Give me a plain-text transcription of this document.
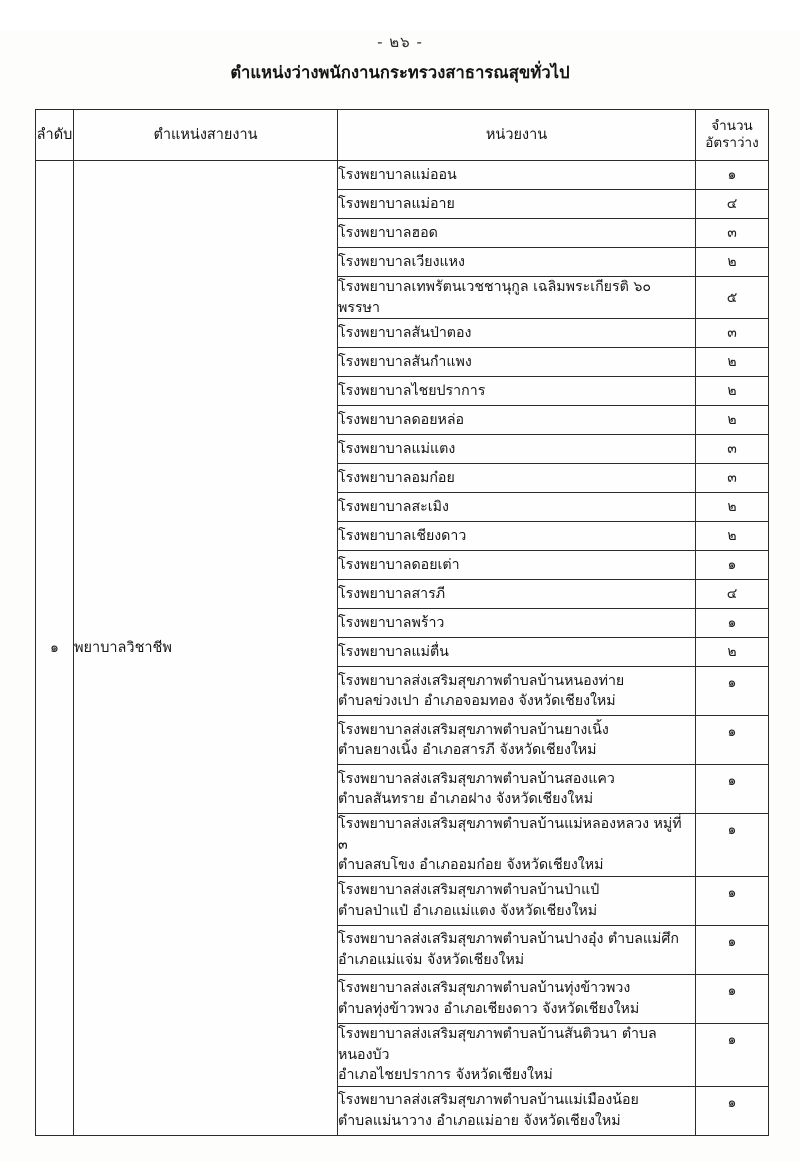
- ๒๖ -
ตำแหน่งว่างพนักงานกระทรวงสาธารณสุขทั่วไป
ลำดับ	ตำแหน่งสายงาน	หน่วยงาน	จำนวน
อัตราว่าง
๑	พยาบาลวิชาชีพ	โรงพยาบาลแม่ออน	๑
		โรงพยาบาลแม่อาย	๔
		โรงพยาบาลฮอด	๓
		โรงพยาบาลเวียงแหง	๒
		โรงพยาบาลเทพรัตนเวชชานุกูล เฉลิมพระเกียรติ ๖๐ พรรษา	๕
		โรงพยาบาลสันป่าตอง	๓
		โรงพยาบาลสันกำแพง	๒
		โรงพยาบาลไชยปราการ	๒
		โรงพยาบาลดอยหล่อ	๒
		โรงพยาบาลแม่แตง	๓
		โรงพยาบาลอมก๋อย	๓
		โรงพยาบาลสะเมิง	๒
		โรงพยาบาลเชียงดาว	๒
		โรงพยาบาลดอยเต่า	๑
		โรงพยาบาลสารภี	๔
		โรงพยาบาลพร้าว	๑
		โรงพยาบาลแม่ตื่น	๒
		โรงพยาบาลส่งเสริมสุขภาพตำบลบ้านหนองท่าย
ตำบลข่วงเปา อำเภอจอมทอง จังหวัดเชียงใหม่	๑
		โรงพยาบาลส่งเสริมสุขภาพตำบลบ้านยางเนิ้ง
ตำบลยางเนิ้ง อำเภอสารภี จังหวัดเชียงใหม่	๑
		โรงพยาบาลส่งเสริมสุขภาพตำบลบ้านสองแคว
ตำบลสันทราย อำเภอฝาง จังหวัดเชียงใหม่	๑
		โรงพยาบาลส่งเสริมสุขภาพตำบลบ้านแม่หลองหลวง หมู่ที่ ๓
ตำบลสบโขง อำเภออมก๋อย จังหวัดเชียงใหม่	๑
		โรงพยาบาลส่งเสริมสุขภาพตำบลบ้านป่าแป๋
ตำบลป่าแป๋ อำเภอแม่แตง จังหวัดเชียงใหม่	๑
		โรงพยาบาลส่งเสริมสุขภาพตำบลบ้านปางอุ๋ง ตำบลแม่ศึก
อำเภอแม่แจ่ม จังหวัดเชียงใหม่	๑
		โรงพยาบาลส่งเสริมสุขภาพตำบลบ้านทุ่งข้าวพวง
ตำบลทุ่งข้าวพวง อำเภอเชียงดาว จังหวัดเชียงใหม่	๑
		โรงพยาบาลส่งเสริมสุขภาพตำบลบ้านสันติวนา ตำบลหนองบัว
อำเภอไชยปราการ จังหวัดเชียงใหม่	๑
		โรงพยาบาลส่งเสริมสุขภาพตำบลบ้านแม่เมืองน้อย
ตำบลแม่นาวาง อำเภอแม่อาย จังหวัดเชียงใหม่	๑
